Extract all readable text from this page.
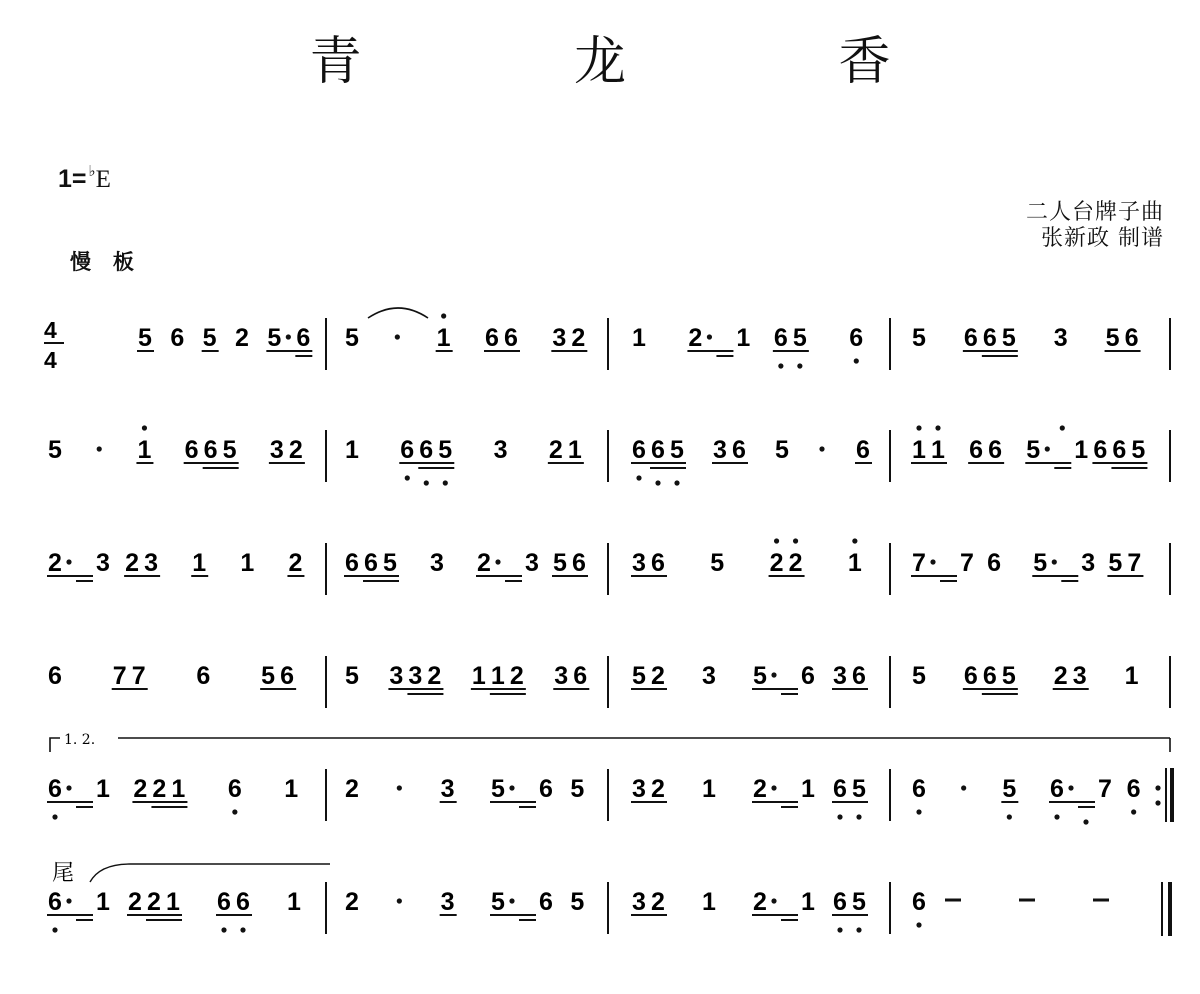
青 龙 香
1= ♭E
慢 板
二人台牌子曲
张新政 制谱
5 6 5 2 5 6 5	1 6 6 3 2 1 2 1 6 5 6 5 6 6 5 3 5 6
5	1 6 6 5 3 2 1 6 6 5 3 2 1 6 6 5 3 6 5	6 1 1 6 6 5 1 6 6 5
2 3 2 3 1 1 2 6 6 5 3 2 3 5 6 3 6 5 2 2 1 7 7 6 5 3 5 7
6 7 7 6 5 6 5 3 3 2 1 1 2 3 6 5 2 3 5 6 3 6 5 6 6 5 2 3 1
6 1 2 2 1 6 1 2	3 5 6 5 3 2 1 2 1 6 5 6	5 6 7 6
6 1 2 2 1 6 6 1 2	3 5 6 5 3 2 1 2 1 6 5 6
4
4
1. 2.
尾
